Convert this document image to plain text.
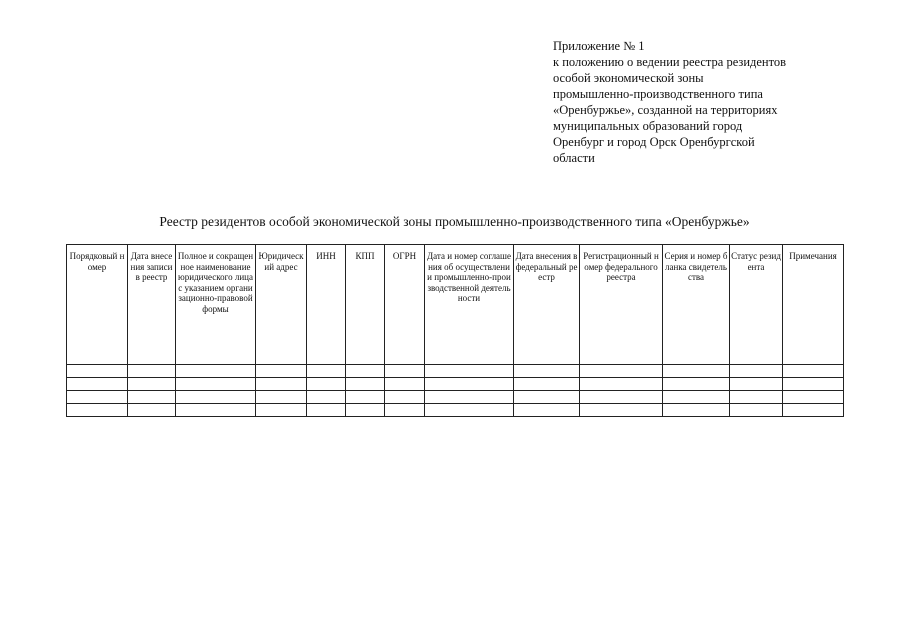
Приложение № 1
к положению о ведении реестра резидентов
особой экономической зоны
промышленно-производственного типа
«Оренбуржье», созданной на территориях
муниципальных образований город
Оренбург и город Орск Оренбургской
области
Реестр резидентов особой экономической зоны промышленно-производственного типа «Оренбуржье»
Порядковый номер	Дата внесения записи в реестр	Полное и сокращенное наименование юридического лица с указанием организационно-правовой формы	Юридический адрес	ИНН	КПП	ОГРН	Дата и номер соглашения об осуществлении промышленно-производственной деятельности	Дата внесения в федеральный реестр	Регистрационный номер федерального реестра	Серия и номер бланка свидетельства	Статус резидента	Примечания
